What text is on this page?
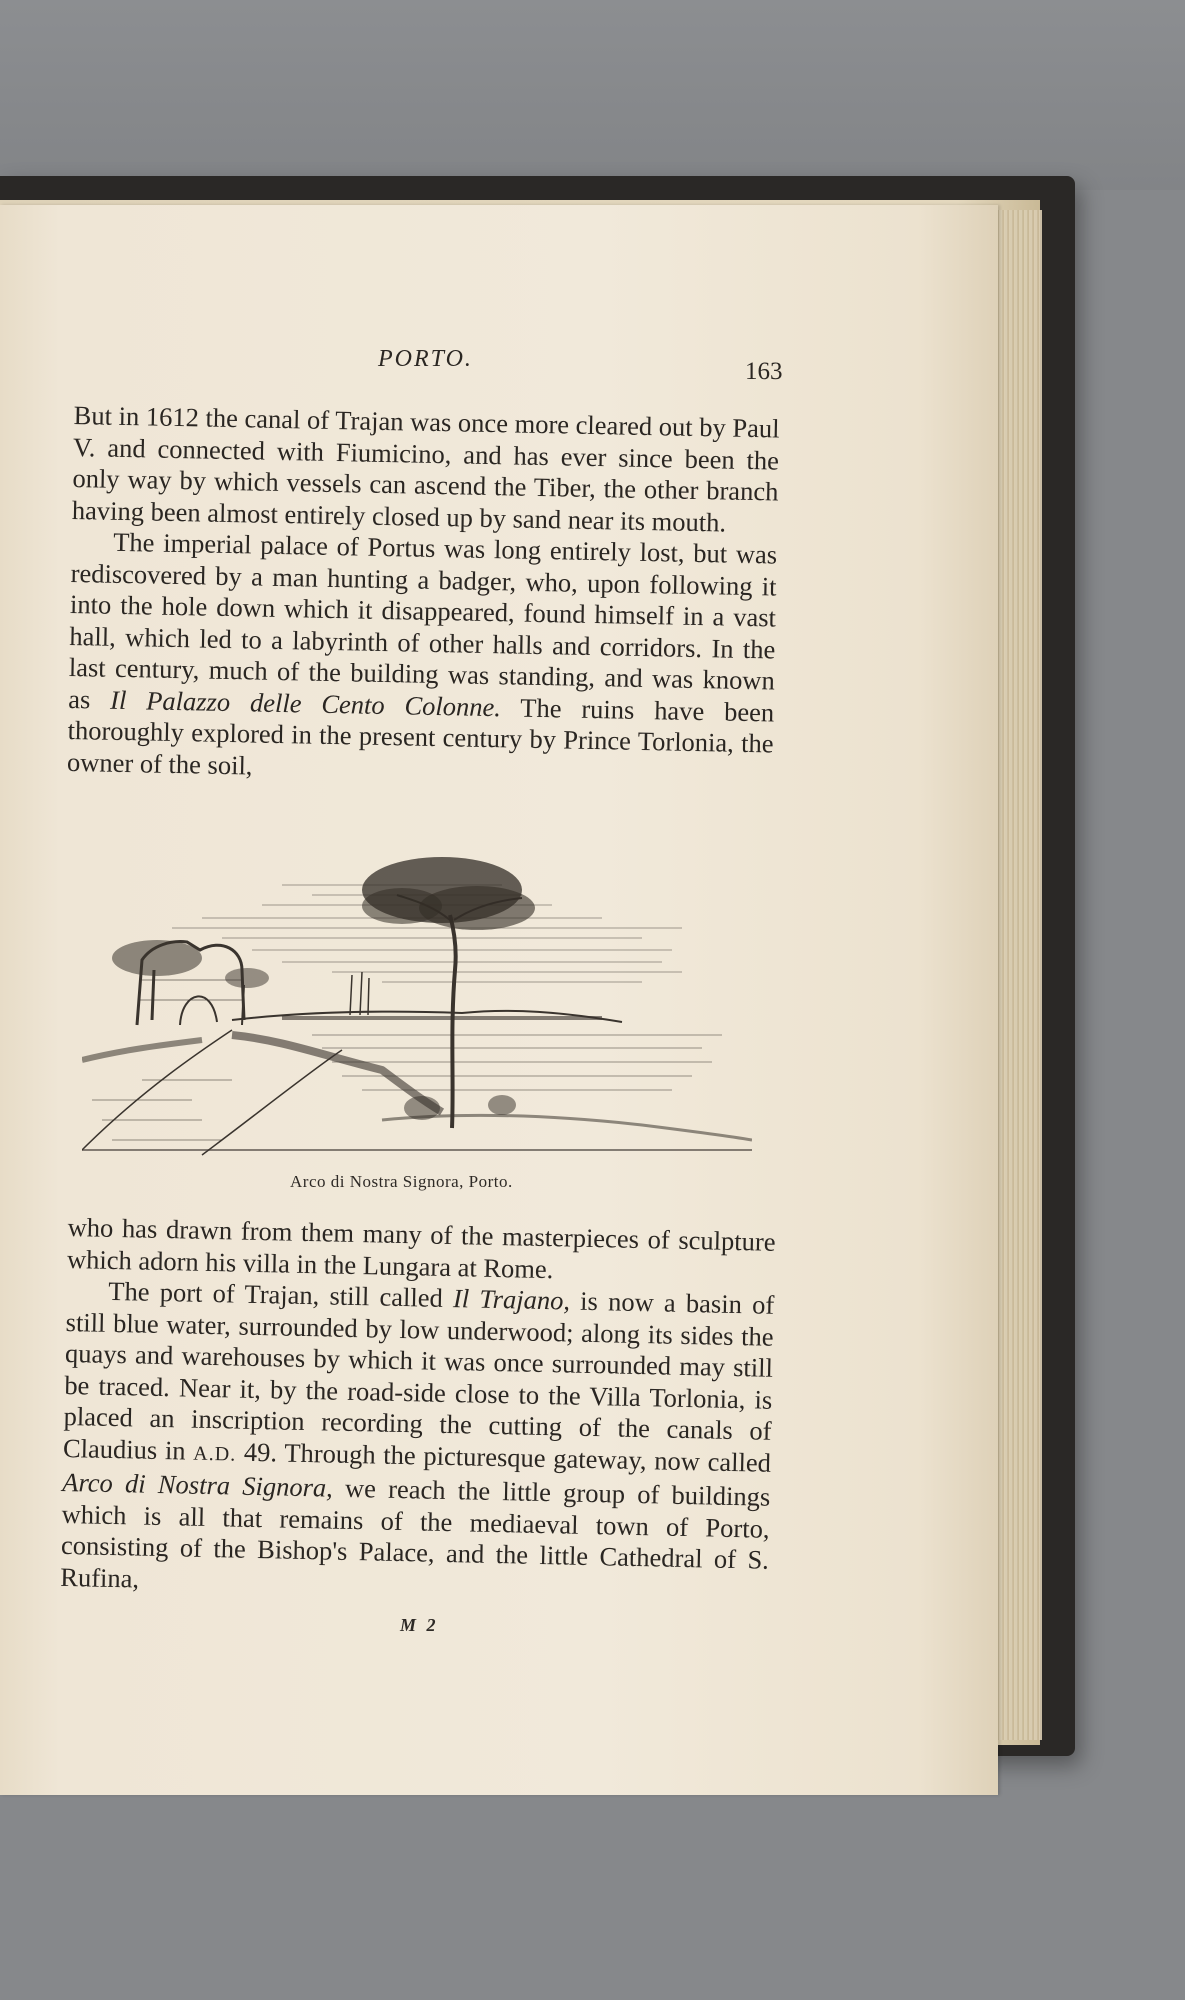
PORTO.	163

But in 1612 the canal of Trajan was once more cleared out by Paul V. and connected with Fiumicino, and has ever since been the only way by which vessels can ascend the Tiber, the other branch having been almost entirely closed up by sand near its mouth.

The imperial palace of Portus was long entirely lost, but was rediscovered by a man hunting a badger, who, upon following it into the hole down which it disappeared, found himself in a vast hall, which led to a labyrinth of other halls and corridors. In the last century, much of the building was standing, and was known as Il Palazzo delle Cento Colonne. The ruins have been thoroughly explored in the present century by Prince Torlonia, the owner of the soil,

Arco di Nostra Signora, Porto.

who has drawn from them many of the masterpieces of sculpture which adorn his villa in the Lungara at Rome.

The port of Trajan, still called Il Trajano, is now a basin of still blue water, surrounded by low underwood; along its sides the quays and warehouses by which it was once surrounded may still be traced. Near it, by the road-side close to the Villa Torlonia, is placed an inscription recording the cutting of the canals of Claudius in A.D. 49. Through the picturesque gateway, now called Arco di Nostra Signora, we reach the little group of buildings which is all that remains of the mediaeval town of Porto, consisting of the Bishop's Palace, and the little Cathedral of S. Rufina,

M 2
